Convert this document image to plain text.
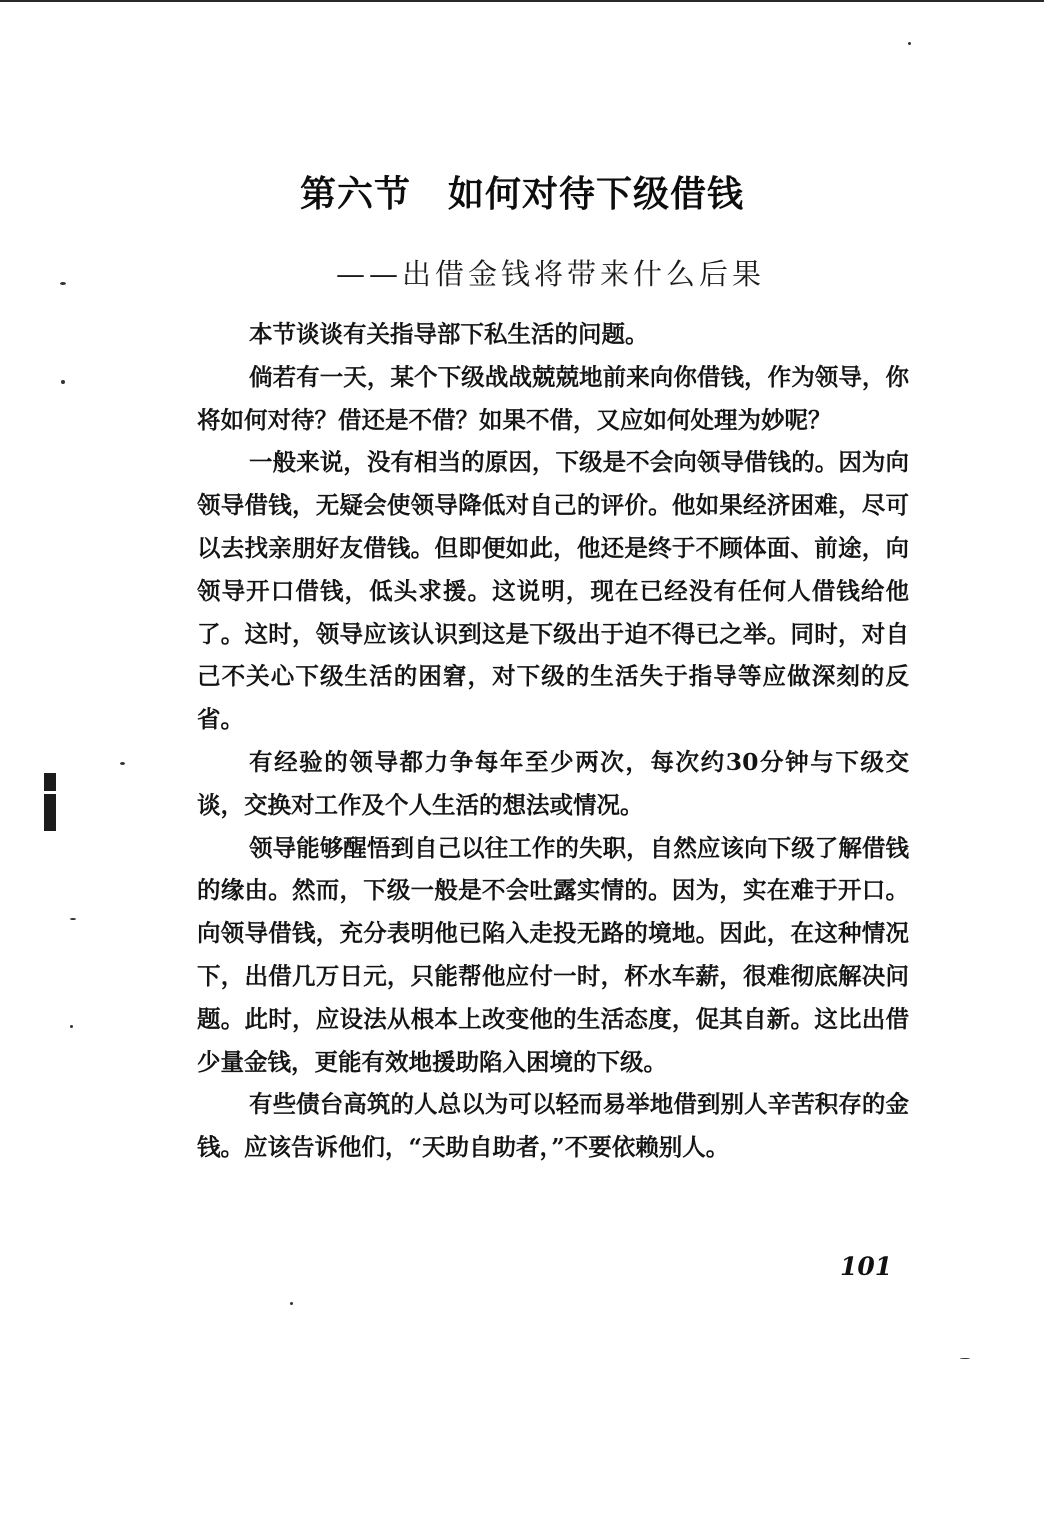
第六节　如何对待下级借钱
——出借金钱将带来什么后果

本节谈谈有关指导部下私生活的问题。

倘若有一天，某个下级战战兢兢地前来向你借钱，作为领导，你将如何对待？借还是不借？如果不借，又应如何处理为妙呢？

一般来说，没有相当的原因，下级是不会向领导借钱的。因为向领导借钱，无疑会使领导降低对自己的评价。他如果经济困难，尽可以去找亲朋好友借钱。但即便如此，他还是终于不顾体面、前途，向领导开口借钱，低头求援。这说明，现在已经没有任何人借钱给他了。这时，领导应该认识到这是下级出于迫不得已之举。同时，对自己不关心下级生活的困窘，对下级的生活失于指导等应做深刻的反省。

有经验的领导都力争每年至少两次，每次约30分钟与下级交谈，交换对工作及个人生活的想法或情况。

领导能够醒悟到自己以往工作的失职，自然应该向下级了解借钱的缘由。然而，下级一般是不会吐露实情的。因为，实在难于开口。向领导借钱，充分表明他已陷入走投无路的境地。因此，在这种情况下，出借几万日元，只能帮他应付一时，杯水车薪，很难彻底解决问题。此时，应设法从根本上改变他的生活态度，促其自新。这比出借少量金钱，更能有效地援助陷入困境的下级。

有些债台高筑的人总以为可以轻而易举地借到别人辛苦积存的金钱。应该告诉他们，“天助自助者，”不要依赖别人。

101
